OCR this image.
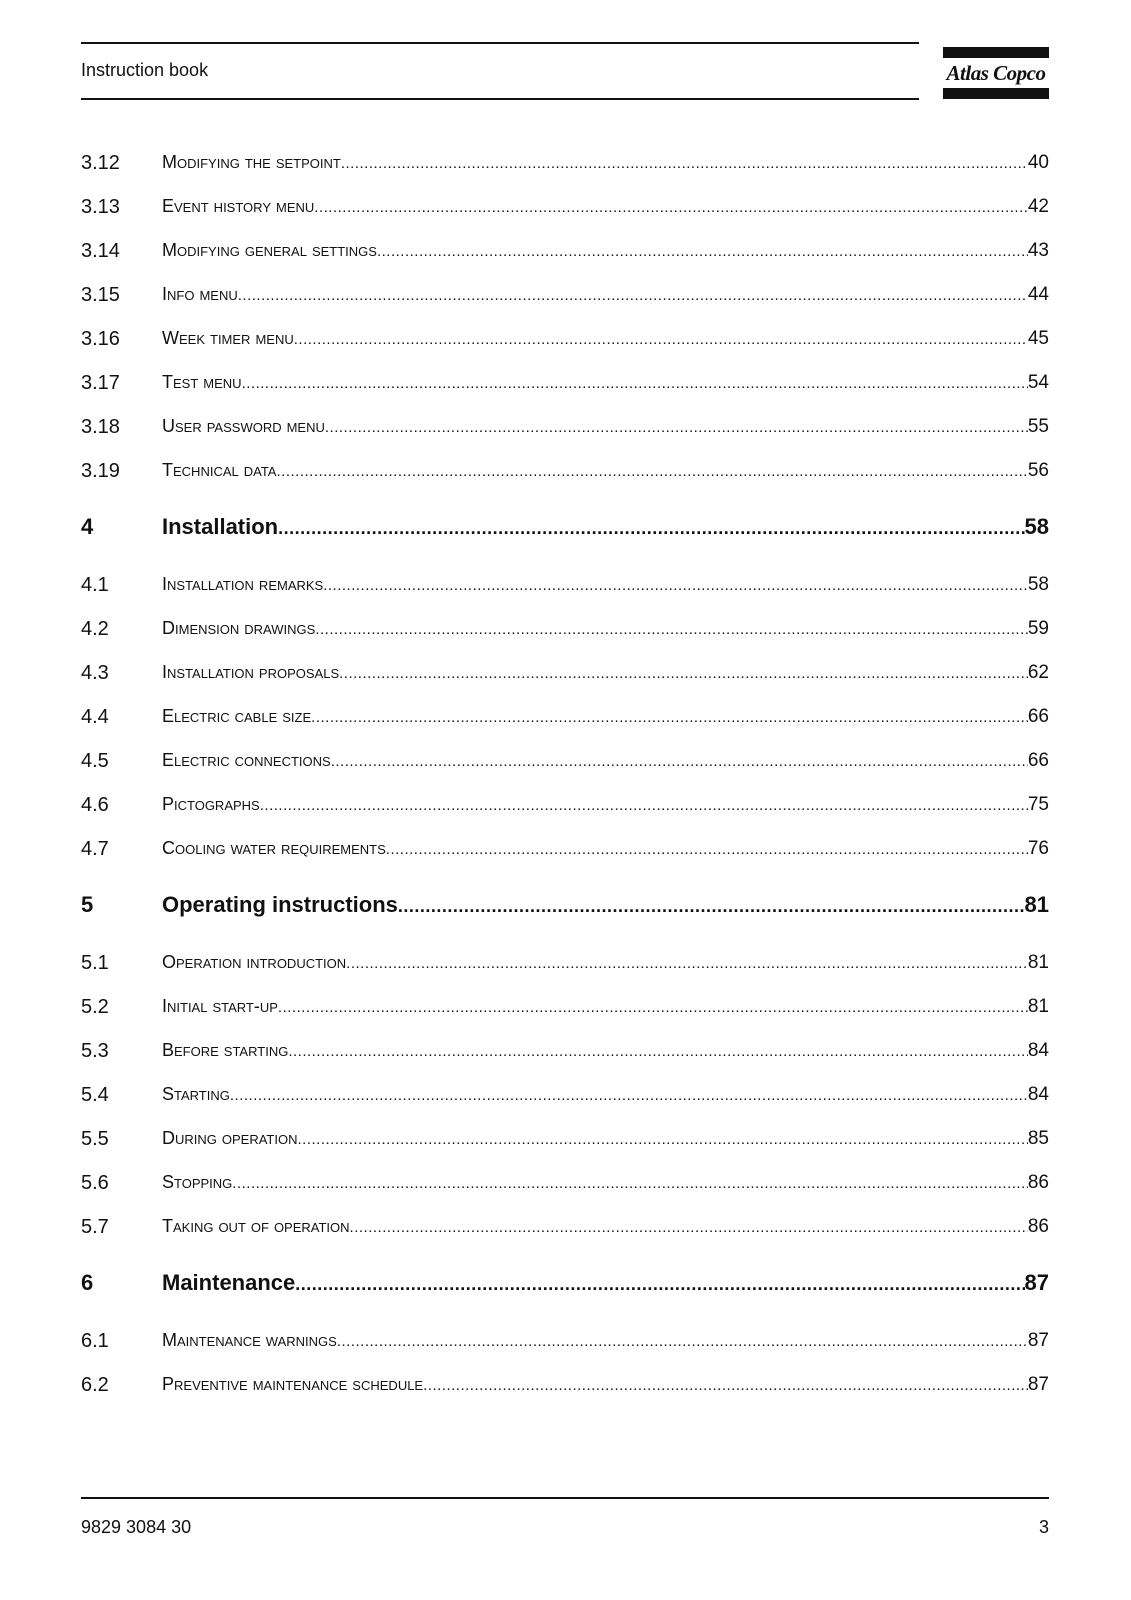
Instruction book	Atlas Copco
3.12	Modifying the setpoint .....	40
3.13	Event history menu .....	42
3.14	Modifying general settings .....	43
3.15	Info menu .....	44
3.16	Week timer menu .....	45
3.17	Test menu .....	54
3.18	User password menu .....	55
3.19	Technical data .....	56
4	Installation .....	58
4.1	Installation remarks .....	58
4.2	Dimension drawings .....	59
4.3	Installation proposals .....	62
4.4	Electric cable size .....	66
4.5	Electric connections .....	66
4.6	Pictographs .....	75
4.7	Cooling water requirements .....	76
5	Operating instructions .....	81
5.1	Operation introduction .....	81
5.2	Initial start-up .....	81
5.3	Before starting .....	84
5.4	Starting .....	84
5.5	During operation .....	85
5.6	Stopping .....	86
5.7	Taking out of operation .....	86
6	Maintenance .....	87
6.1	Maintenance warnings .....	87
6.2	Preventive maintenance schedule .....	87
9829 3084 30	3
